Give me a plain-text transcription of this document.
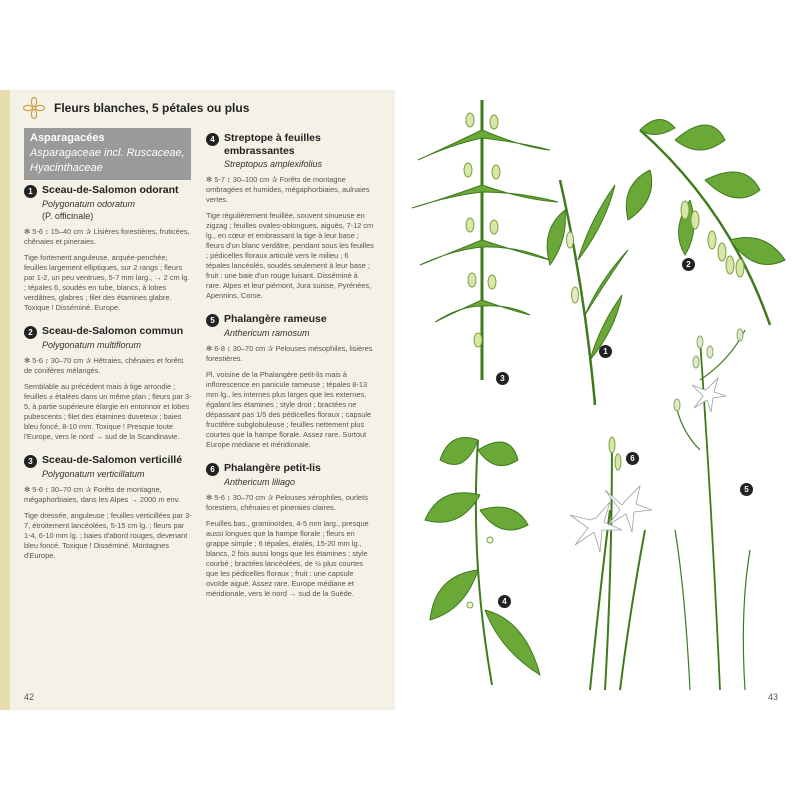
Fleurs blanches, 5 pétales ou plus
Asparagacées
Asparagaceae incl. Ruscaceae, Hyacinthaceae
1 Sceau-de-Salomon odorant
Polygonatum odoratum
(P. officinale)
✻ 5-6 ↕ 15–40 cm ✰ Lisières forestières, fruticées, chênaies et pineraies.
Tige fortement anguleuse, arquée-penchée; feuilles largement elliptiques, sur 2 rangs ; fleurs par 1-2, un peu ventrues, 5-7 mm larg., → 2 cm lg. ; tépales 6, soudés en tube, blancs, à lobes verdâtres, glabres ; filet des étamines glabre. Toxique ! Disséminé. Europe.
2 Sceau-de-Salomon commun
Polygonatum multiflorum
✻ 5-6 ↕ 30–70 cm ✰ Hêtraies, chênaies et forêts de conifères mélangés.
Semblable au précédent mais à tige arrondie ; feuilles ± étalées dans un même plan ; fleurs par 3-5, à partie supérieure élargie en entonnoir et lobes pubescents ; filet des étamines duveteux ; baies bleu foncé, 8-10 mm. Toxique ! Presque toute l'Europe, vers le nord → sud de la Scandinavie.
3 Sceau-de-Salomon verticillé
Polygonatum verticillatum
✻ 5-6 ↕ 30–70 cm ✰ Forêts de montagne, mégaphorbiaies, dans les Alpes → 2000 m env.
Tige dressée, anguleuse ; feuilles verticillées par 3-7, étroitement lancéolées, 5-15 cm lg. ; fleurs par 1-4, 6-10 mm lg. ; baies d'abord rouges, devenant bleu foncé. Toxique ! Disséminé. Montagnes d'Europe.
4 Streptope à feuilles embrassantes
Streptopus amplexifolius
✻ 5-7 ↕ 30–100 cm ✰ Forêts de montagne ombragées et humides, mégaphorbiaies, aulnaies vertes.
Tige régulièrement feuillée, souvent sinueuse en zigzag ; feuilles ovales-oblongues, aiguës, 7-12 cm lg., en cœur et embrassant la tige à leur base ; fleurs d'un blanc verdâtre, pendant sous les feuilles ; pédicelles floraux articulé vers le milieu ; 6 tépales lancéolés, soudés seulement à leur base ; fruit : une baie d'un rouge luisant. Disséminé à rare. Alpes et leur piémont, Jura suisse, Pyrénées, Apennins, Corse.
5 Phalangère rameuse
Anthericum ramosum
✻ 6-8 ↕ 30–70 cm ✰ Pelouses mésophiles, lisières forestières.
Pl. voisine de la Phalangère petit-lis mais à inflorescence en panicule rameuse ; tépales 8-13 mm lg., les internes plus larges que les externes, égalant les étamines ; style droit ; bractées ne dépassant pas 1/5 des pédicelles floraux ; capsule fructifère subglobuleuse ; feuilles nettement plus courtes que la hampe florale. Assez rare. Surtout Europe médiane et méridionale.
6 Phalangère petit-lis
Anthericum liliago
✻ 5-6 ↕ 30–70 cm ✰ Pelouses xérophiles, ourlets forestiers, chênaies et pineraies claires.
Feuilles bas., graminoïdes, 4-5 mm larg., presque aussi longues que la hampe florale ; fleurs en grappe simple ; 6 tépales, étalés, 15-20 mm lg., blancs, 2 fois aussi longs que les étamines ; style courbé ; bractées lancéolées, de ½ plus courtes que les pédicelles floraux ; fruit : une capsule ovoïde aiguë. Assez rare. Europe médiane et méridionale, vers le nord → sud de la Suède.
42	43
3
1
2
4
6
5
